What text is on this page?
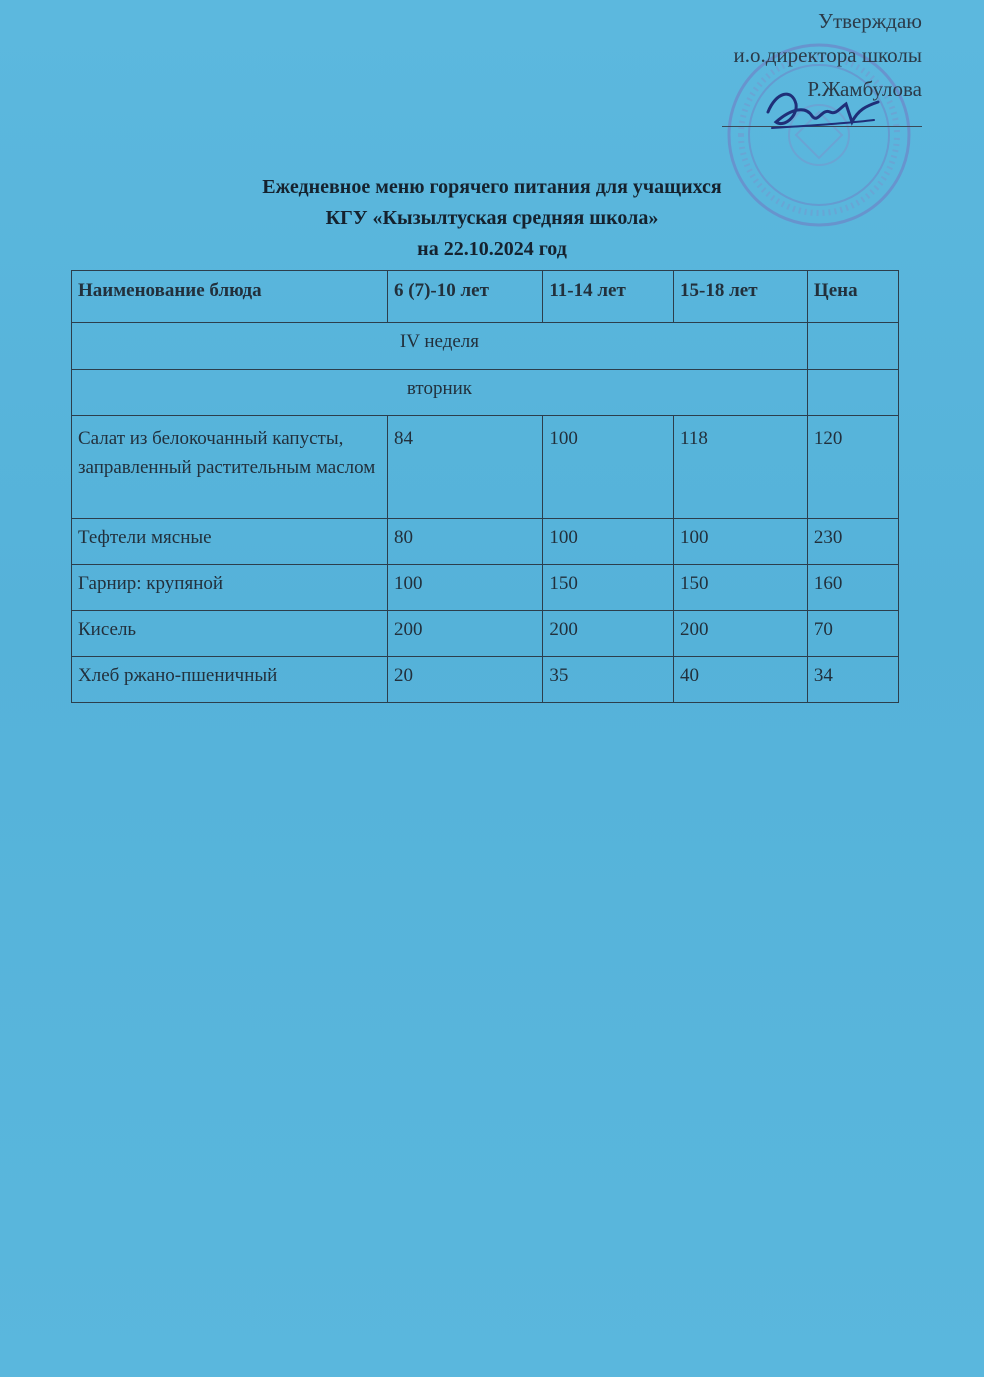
Утверждаю
и.о.директора школы
Р.Жамбулова
Ежедневное меню горячего питания для учащихся
КГУ «Кызылтуская средняя школа»
на 22.10.2024 год
Наименование блюда	6 (7)-10 лет	11-14 лет	15-18 лет	Цена
IV неделя				
вторник				
Салат из белокочанный капусты, заправленный растительным маслом	84	100	118	120
Тефтели мясные	80	100	100	230
Гарнир: крупяной	100	150	150	160
Кисель	200	200	200	70
Хлеб ржано-пшеничный	20	35	40	34
